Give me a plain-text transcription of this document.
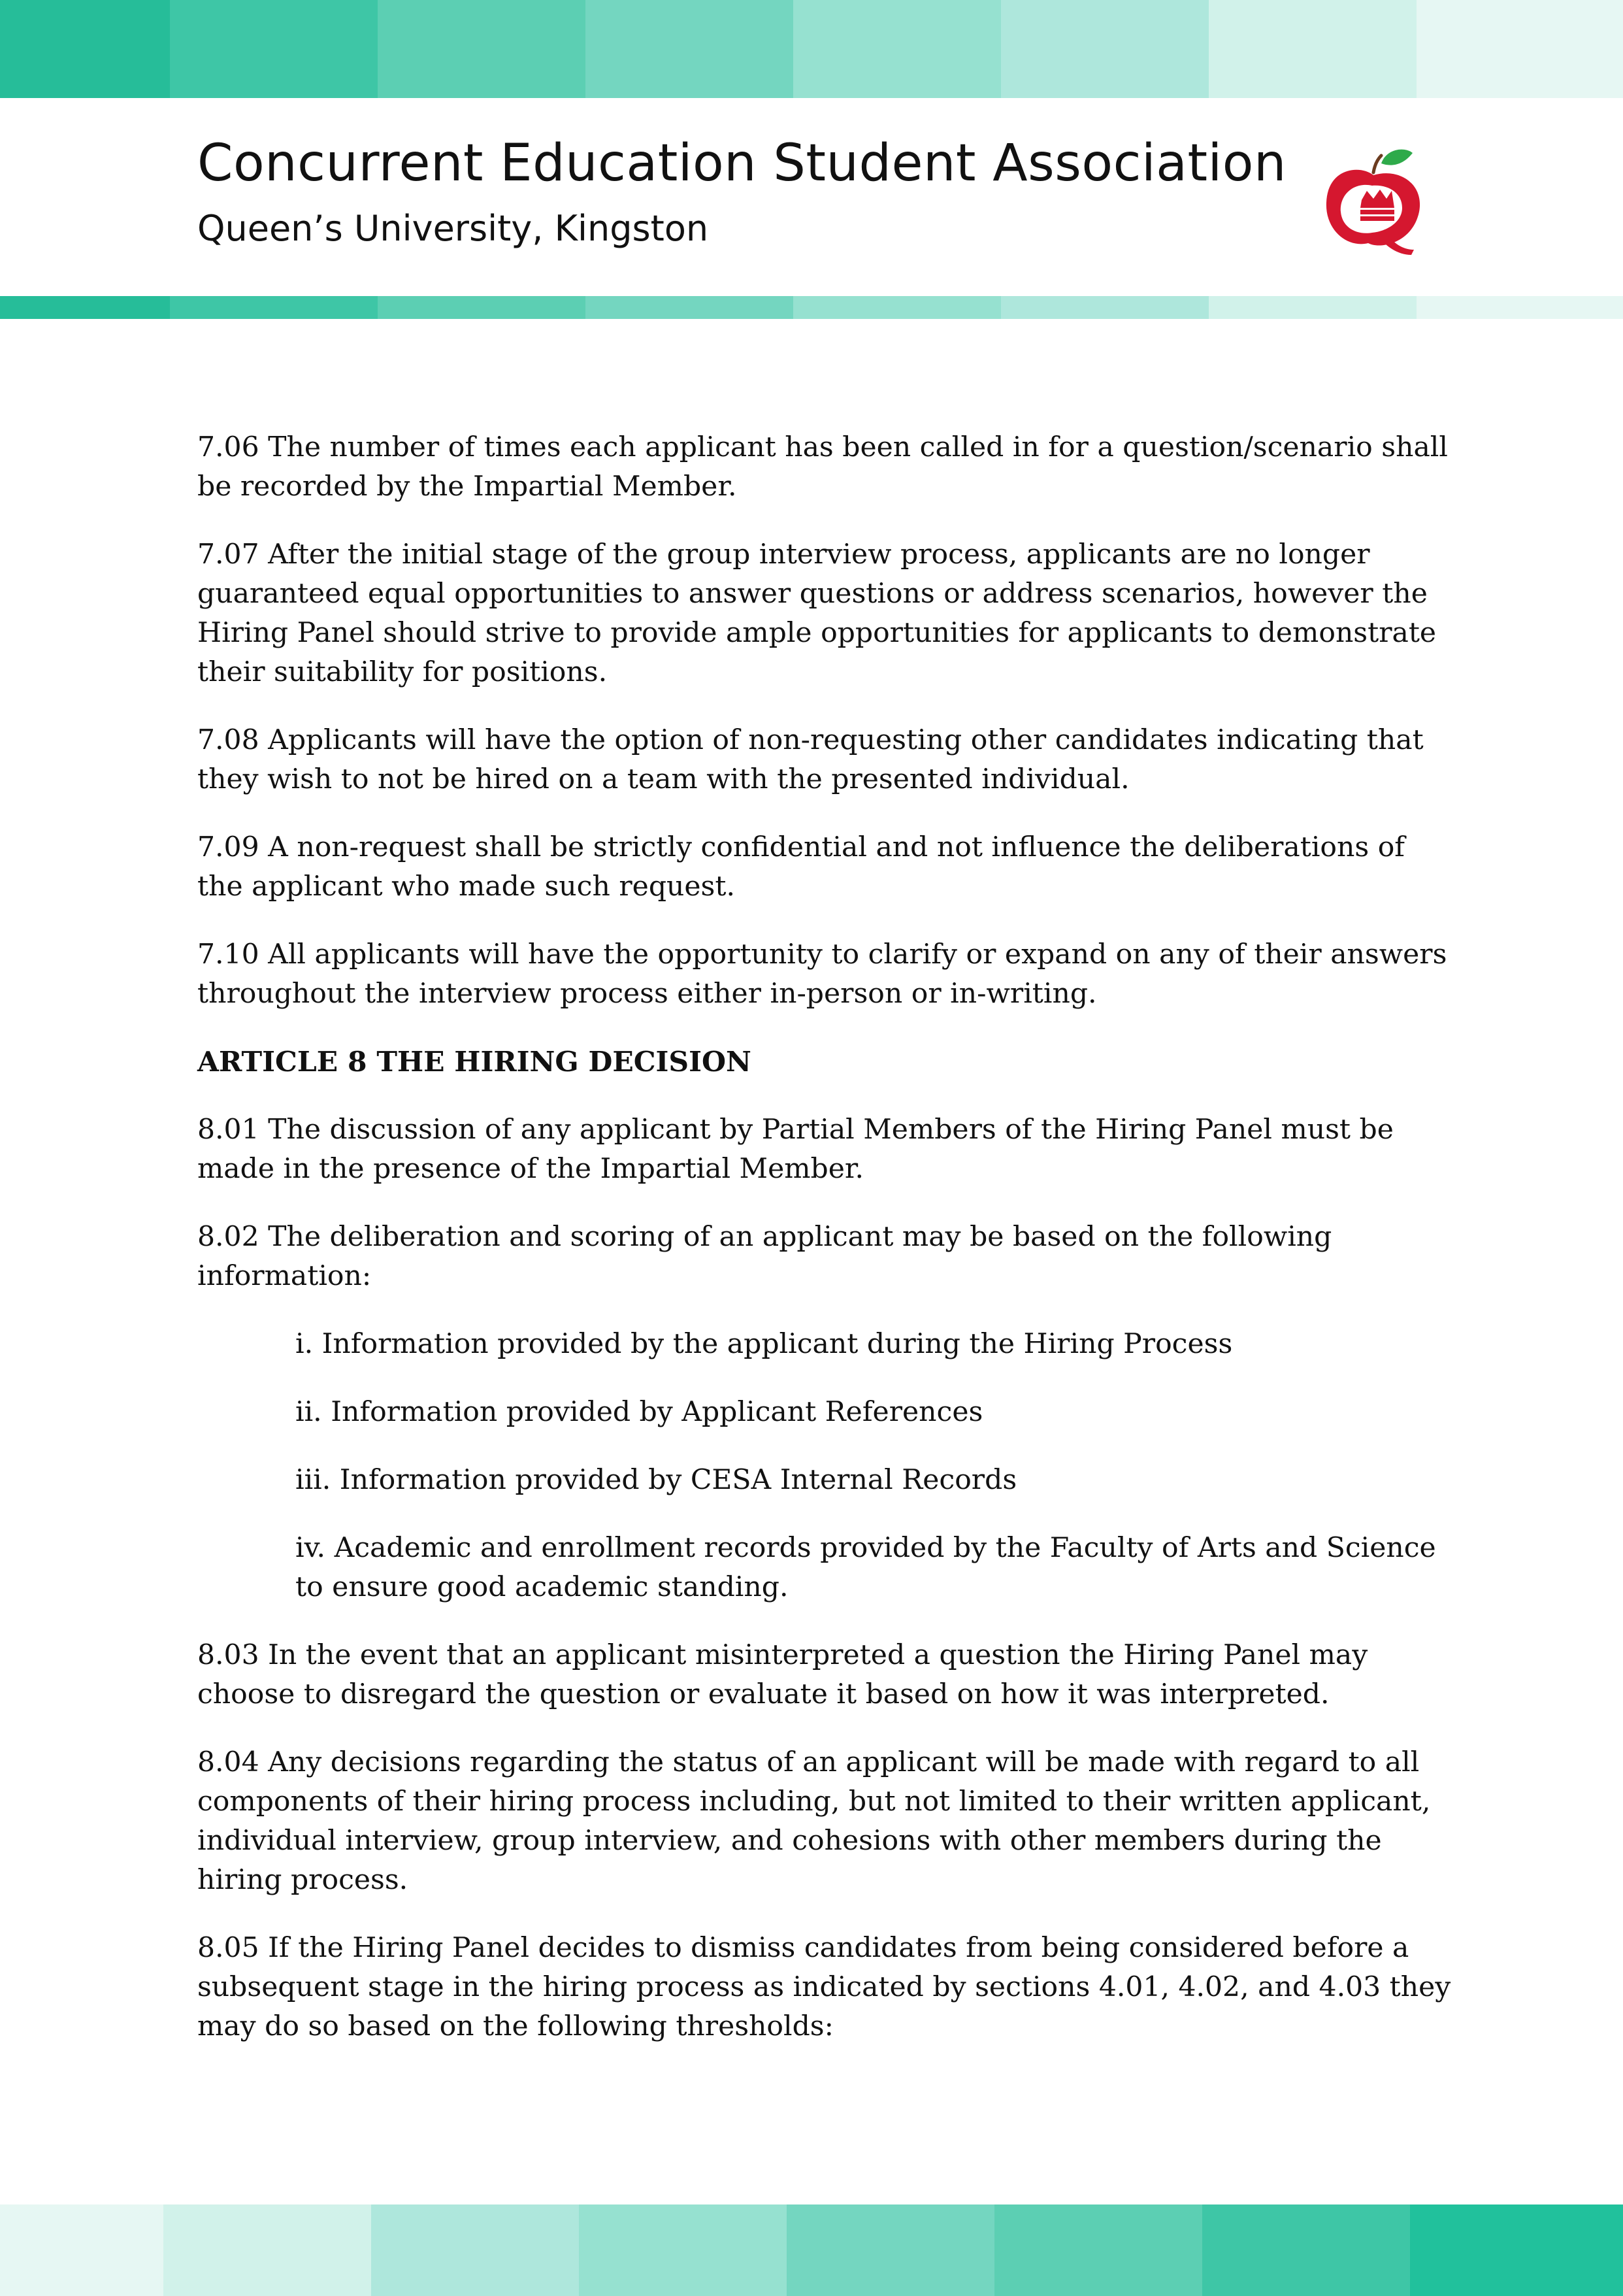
Concurrent Education Student Association
Queen’s University, Kingston

7.06 The number of times each applicant has been called in for a question/scenario shall be recorded by the Impartial Member.

7.07 After the initial stage of the group interview process, applicants are no longer guaranteed equal opportunities to answer questions or address scenarios, however the Hiring Panel should strive to provide ample opportunities for applicants to demonstrate their suitability for positions.

7.08 Applicants will have the option of non-requesting other candidates indicating that they wish to not be hired on a team with the presented individual.

7.09 A non-request shall be strictly confidential and not influence the deliberations of the applicant who made such request.

7.10 All applicants will have the opportunity to clarify or expand on any of their answers throughout the interview process either in-person or in-writing.

ARTICLE 8 THE HIRING DECISION

8.01 The discussion of any applicant by Partial Members of the Hiring Panel must be made in the presence of the Impartial Member.

8.02 The deliberation and scoring of an applicant may be based on the following information:

i. Information provided by the applicant during the Hiring Process

ii. Information provided by Applicant References

iii. Information provided by CESA Internal Records

iv. Academic and enrollment records provided by the Faculty of Arts and Science to ensure good academic standing.

8.03 In the event that an applicant misinterpreted a question the Hiring Panel may choose to disregard the question or evaluate it based on how it was interpreted.

8.04 Any decisions regarding the status of an applicant will be made with regard to all components of their hiring process including, but not limited to their written applicant, individual interview, group interview, and cohesions with other members during the hiring process.

8.05 If the Hiring Panel decides to dismiss candidates from being considered before a subsequent stage in the hiring process as indicated by sections 4.01, 4.02, and 4.03 they may do so based on the following thresholds:
